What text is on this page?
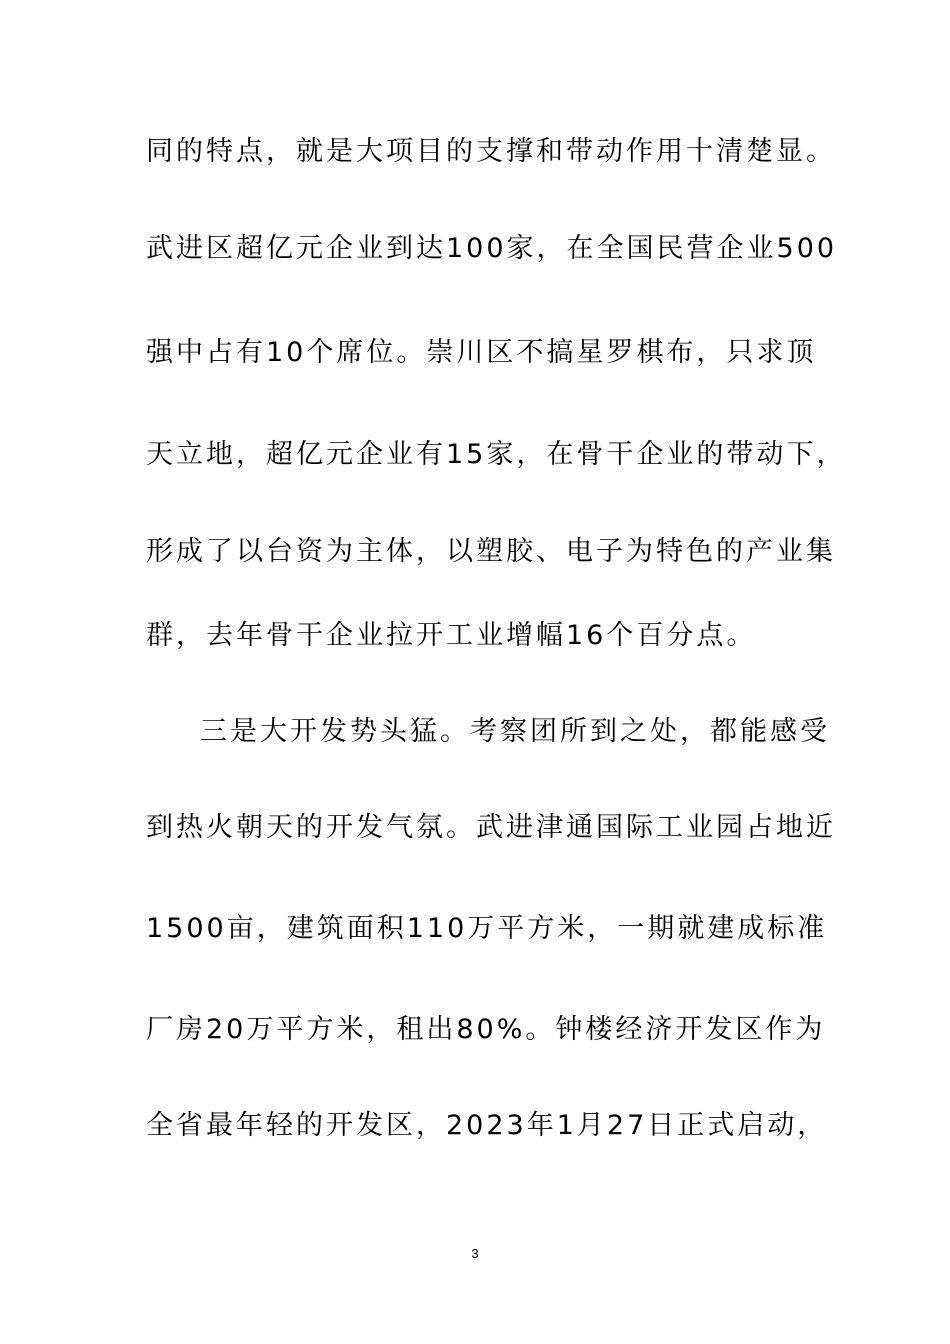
同的特点，就是大项目的支撑和带动作用十清楚显。
武进区超亿元企业到达100家，在全国民营企业500
强中占有10个席位。崇川区不搞星罗棋布，只求顶
天立地，超亿元企业有15家，在骨干企业的带动下，
形成了以台资为主体，以塑胶、电子为特色的产业集
群，去年骨干企业拉开工业增幅16个百分点。
三是大开发势头猛。考察团所到之处，都能感受
到热火朝天的开发气氛。武进津通国际工业园占地近
1500亩，建筑面积110万平方米，一期就建成标准
厂房20万平方米，租出80%。钟楼经济开发区作为
全省最年轻的开发区，2023年1月27日正式启动，
3
